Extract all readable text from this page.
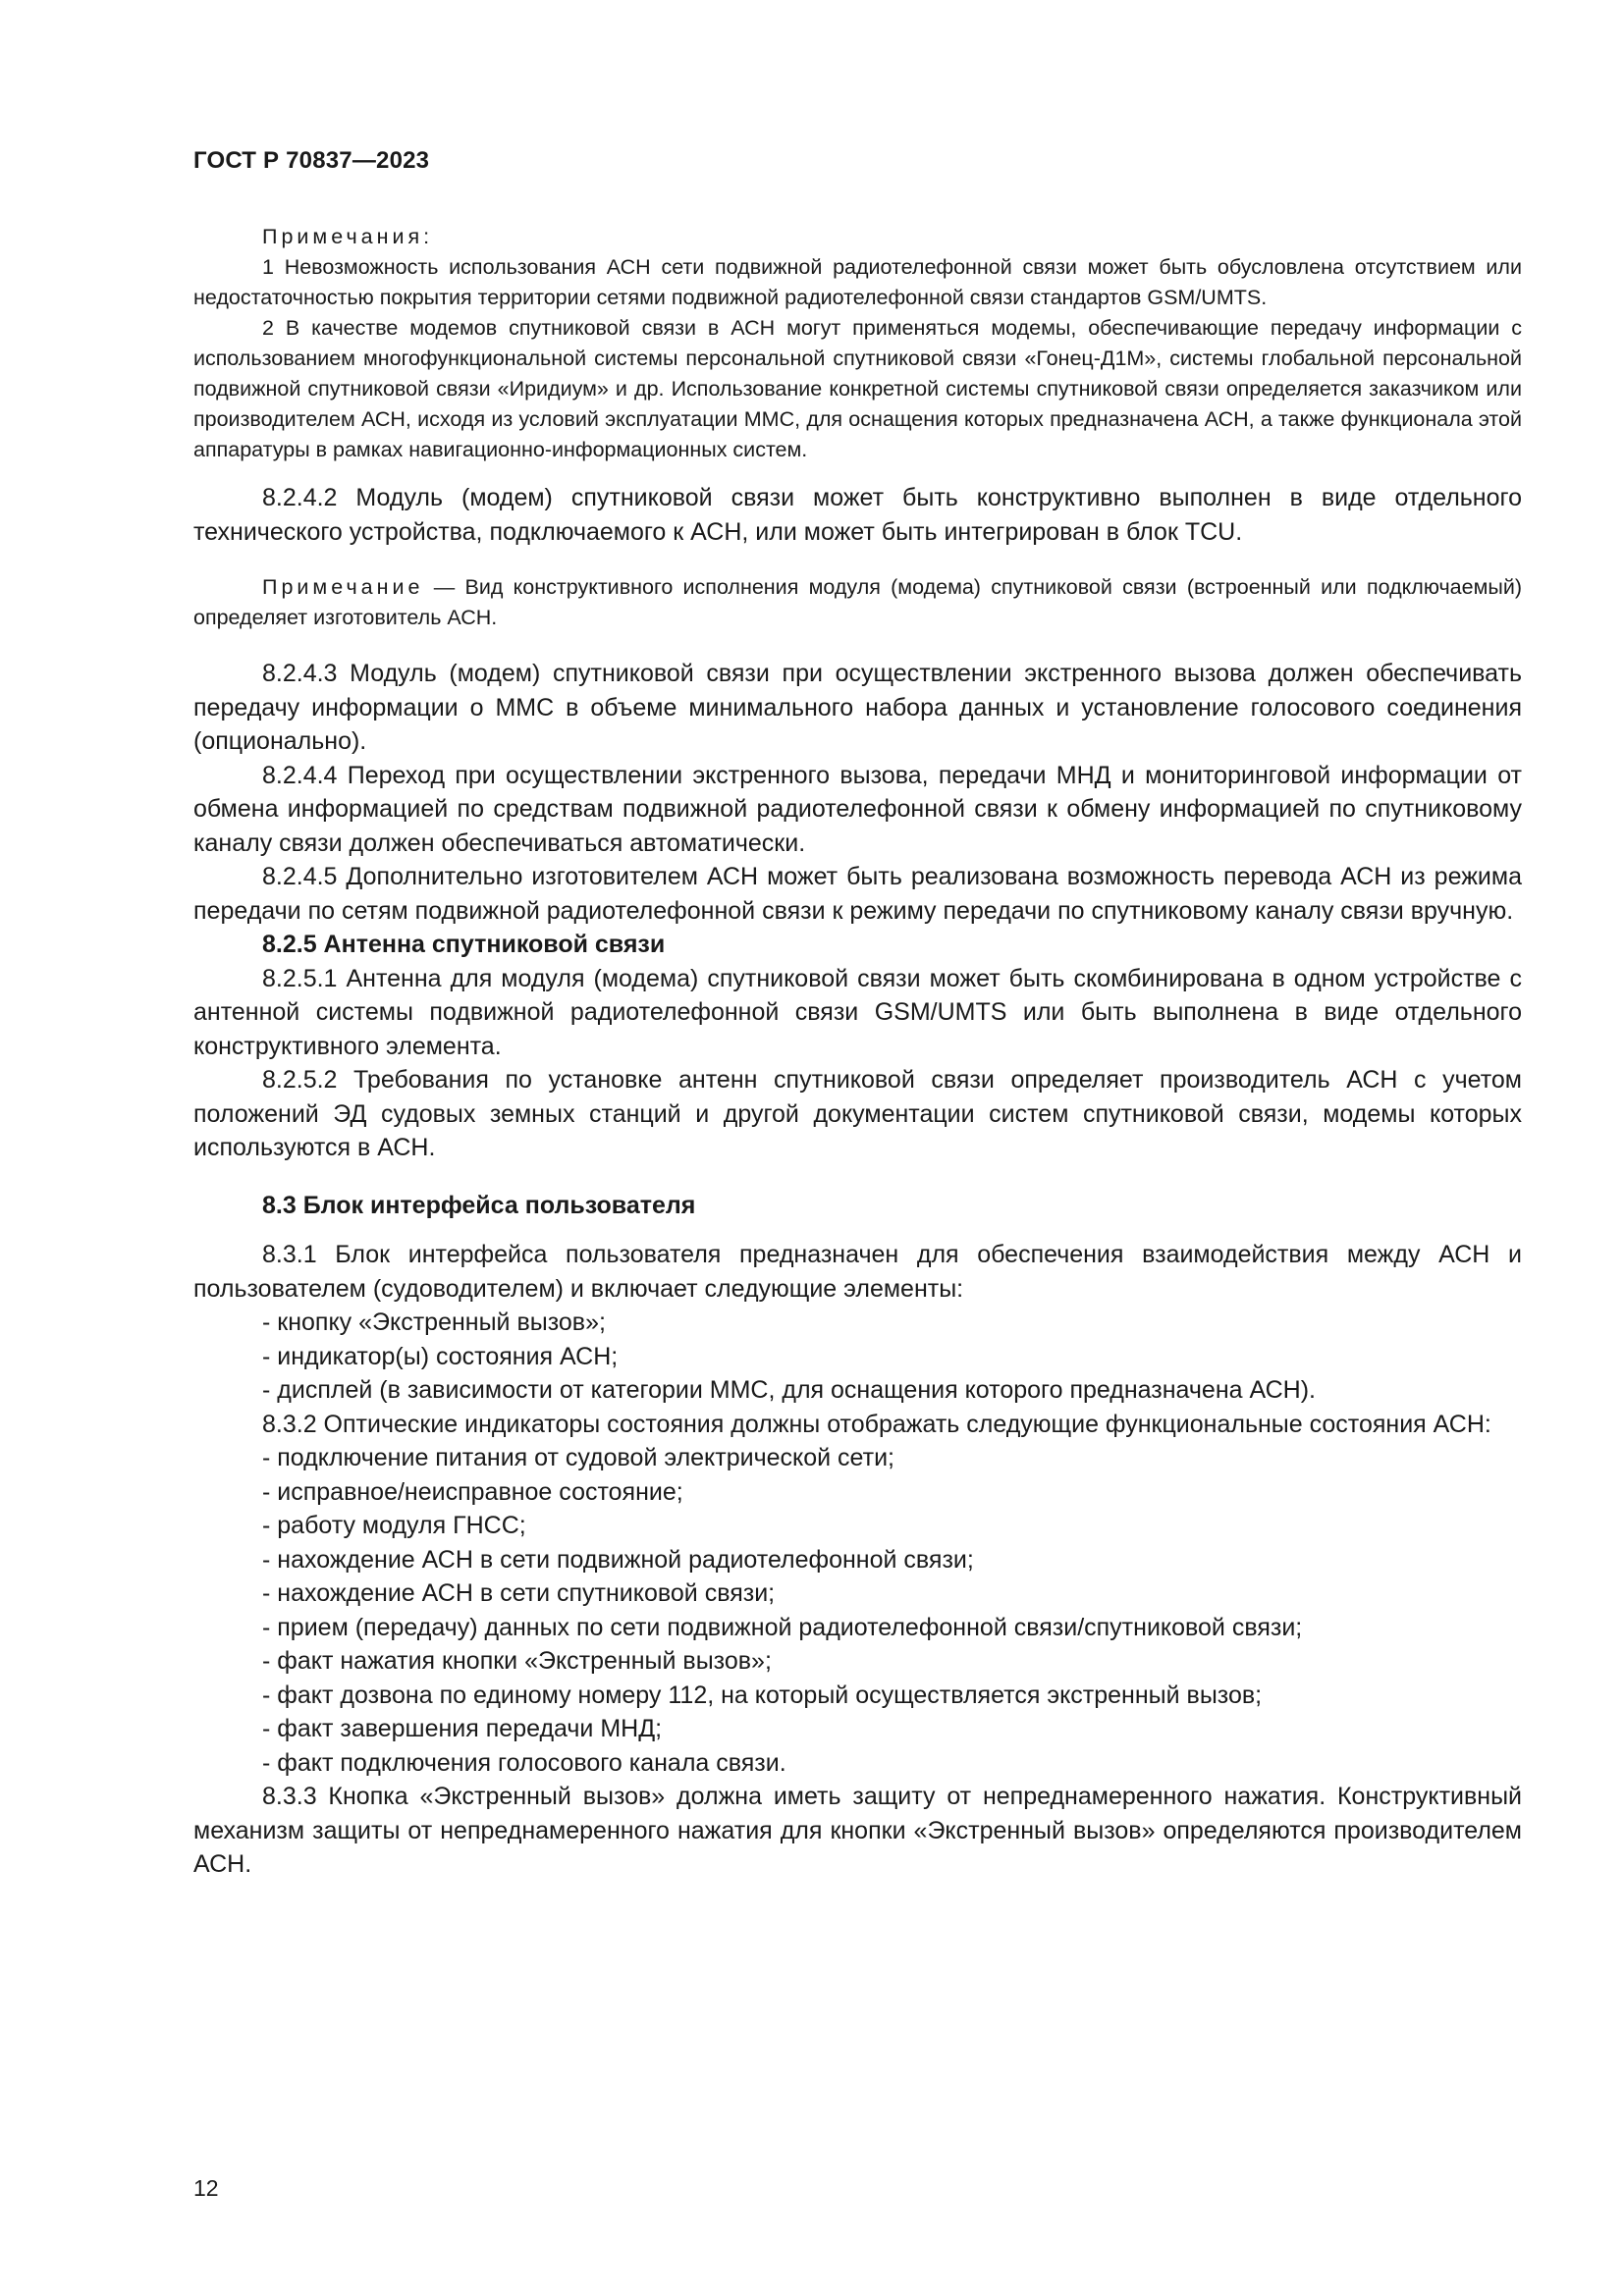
ГОСТ Р 70837—2023

Примечания:

1 Невозможность использования АСН сети подвижной радиотелефонной связи может быть обусловлена отсутствием или недостаточностью покрытия территории сетями подвижной радиотелефонной связи стандартов GSM/UMTS.

2 В качестве модемов спутниковой связи в АСН могут применяться модемы, обеспечивающие передачу информации с использованием многофункциональной системы персональной спутниковой связи «Гонец-Д1М», системы глобальной персональной подвижной спутниковой связи «Иридиум» и др. Использование конкретной системы спутниковой связи определяется заказчиком или производителем АСН, исходя из условий эксплуатации ММС, для оснащения которых предназначена АСН, а также функционала этой аппаратуры в рамках навигационно-информационных систем.

8.2.4.2 Модуль (модем) спутниковой связи может быть конструктивно выполнен в виде отдельного технического устройства, подключаемого к АСН, или может быть интегрирован в блок TCU.

Примечание — Вид конструктивного исполнения модуля (модема) спутниковой связи (встроенный или подключаемый) определяет изготовитель АСН.

8.2.4.3 Модуль (модем) спутниковой связи при осуществлении экстренного вызова должен обеспечивать передачу информации о ММС в объеме минимального набора данных и установление голосового соединения (опционально).

8.2.4.4 Переход при осуществлении экстренного вызова, передачи МНД и мониторинговой информации от обмена информацией по средствам подвижной радиотелефонной связи к обмену информацией по спутниковому каналу связи должен обеспечиваться автоматически.

8.2.4.5 Дополнительно изготовителем АСН может быть реализована возможность перевода АСН из режима передачи по сетям подвижной радиотелефонной связи к режиму передачи по спутниковому каналу связи вручную.

8.2.5 Антенна спутниковой связи

8.2.5.1 Антенна для модуля (модема) спутниковой связи может быть скомбинирована в одном устройстве с антенной системы подвижной радиотелефонной связи GSM/UMTS или быть выполнена в виде отдельного конструктивного элемента.

8.2.5.2 Требования по установке антенн спутниковой связи определяет производитель АСН с учетом положений ЭД судовых земных станций и другой документации систем спутниковой связи, модемы которых используются в АСН.

8.3 Блок интерфейса пользователя

8.3.1 Блок интерфейса пользователя предназначен для обеспечения взаимодействия между АСН и пользователем (судоводителем) и включает следующие элементы:

- кнопку «Экстренный вызов»;

- индикатор(ы) состояния АСН;

- дисплей (в зависимости от категории ММС, для оснащения которого предназначена АСН).

8.3.2 Оптические индикаторы состояния должны отображать следующие функциональные состояния АСН:

- подключение питания от судовой электрической сети;

- исправное/неисправное состояние;

- работу модуля ГНСС;

- нахождение АСН в сети подвижной радиотелефонной связи;

- нахождение АСН в сети спутниковой связи;

- прием (передачу) данных по сети подвижной радиотелефонной связи/спутниковой связи;

- факт нажатия кнопки «Экстренный вызов»;

- факт дозвона по единому номеру 112, на который осуществляется экстренный вызов;

- факт завершения передачи МНД;

- факт подключения голосового канала связи.

8.3.3 Кнопка «Экстренный вызов» должна иметь защиту от непреднамеренного нажатия. Конструктивный механизм защиты от непреднамеренного нажатия для кнопки «Экстренный вызов» определяются производителем АСН.

12
